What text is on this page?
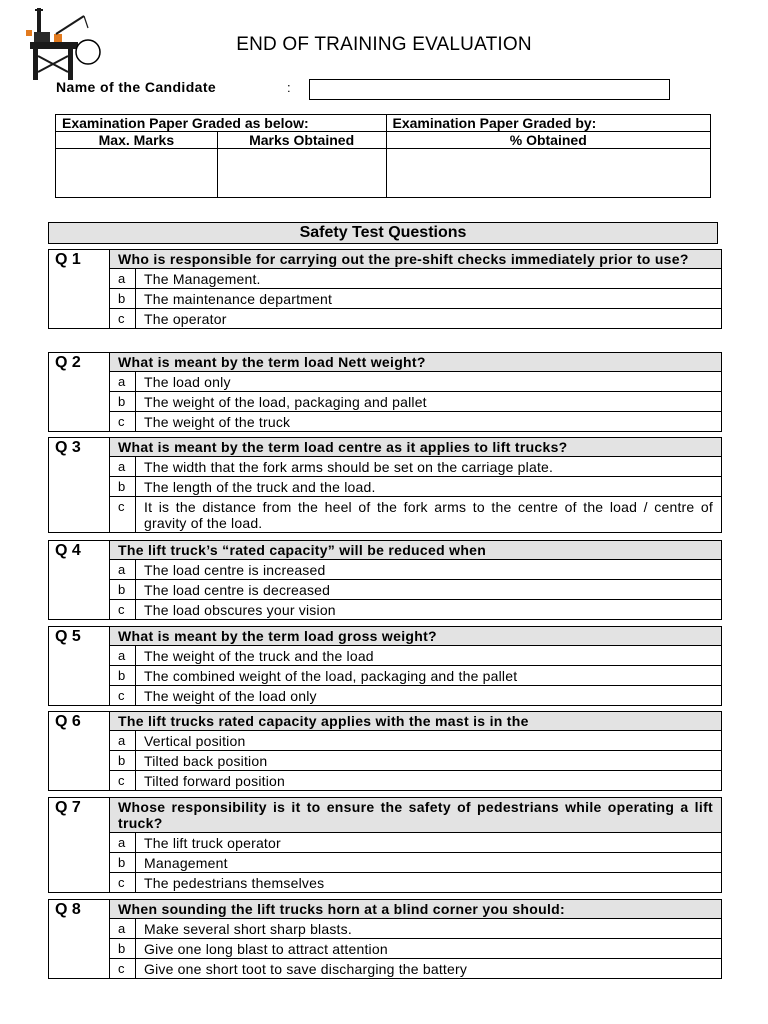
END OF TRAINING EVALUATION
Name of the Candidate	:
Examination Paper Graded as below:		Examination Paper Graded by:
Max. Marks	Marks Obtained	% Obtained

Safety Test Questions
Q 1	Who is responsible for carrying out the pre-shift checks immediately prior to use?
a	The Management.
b	The maintenance department
c	The operator
Q 2	What is meant by the term load Nett weight?
a	The load only
b	The weight of the load, packaging and pallet
c	The weight of the truck
Q 3	What is meant by the term load centre as it applies to lift trucks?
a	The width that the fork arms should be set on the carriage plate.
b	The length of the truck and the load.
c	It is the distance from the heel of the fork arms to the centre of the load / centre of gravity of the load.
Q 4	The lift truck’s “rated capacity” will be reduced when
a	The load centre is increased
b	The load centre is decreased
c	The load obscures your vision
Q 5	What is meant by the term load gross weight?
a	The weight of the truck and the load
b	The combined weight of the load, packaging and the pallet
c	The weight of the load only
Q 6	The lift trucks rated capacity applies with the mast is in the
a	Vertical position
b	Tilted back position
c	Tilted forward position
Q 7	Whose responsibility is it to ensure the safety of pedestrians while operating a lift truck?
a	The lift truck operator
b	Management
c	The pedestrians themselves
Q 8	When sounding the lift trucks horn at a blind corner you should:
a	Make several short sharp blasts.
b	Give one long blast to attract attention
c	Give one short toot to save discharging the battery
